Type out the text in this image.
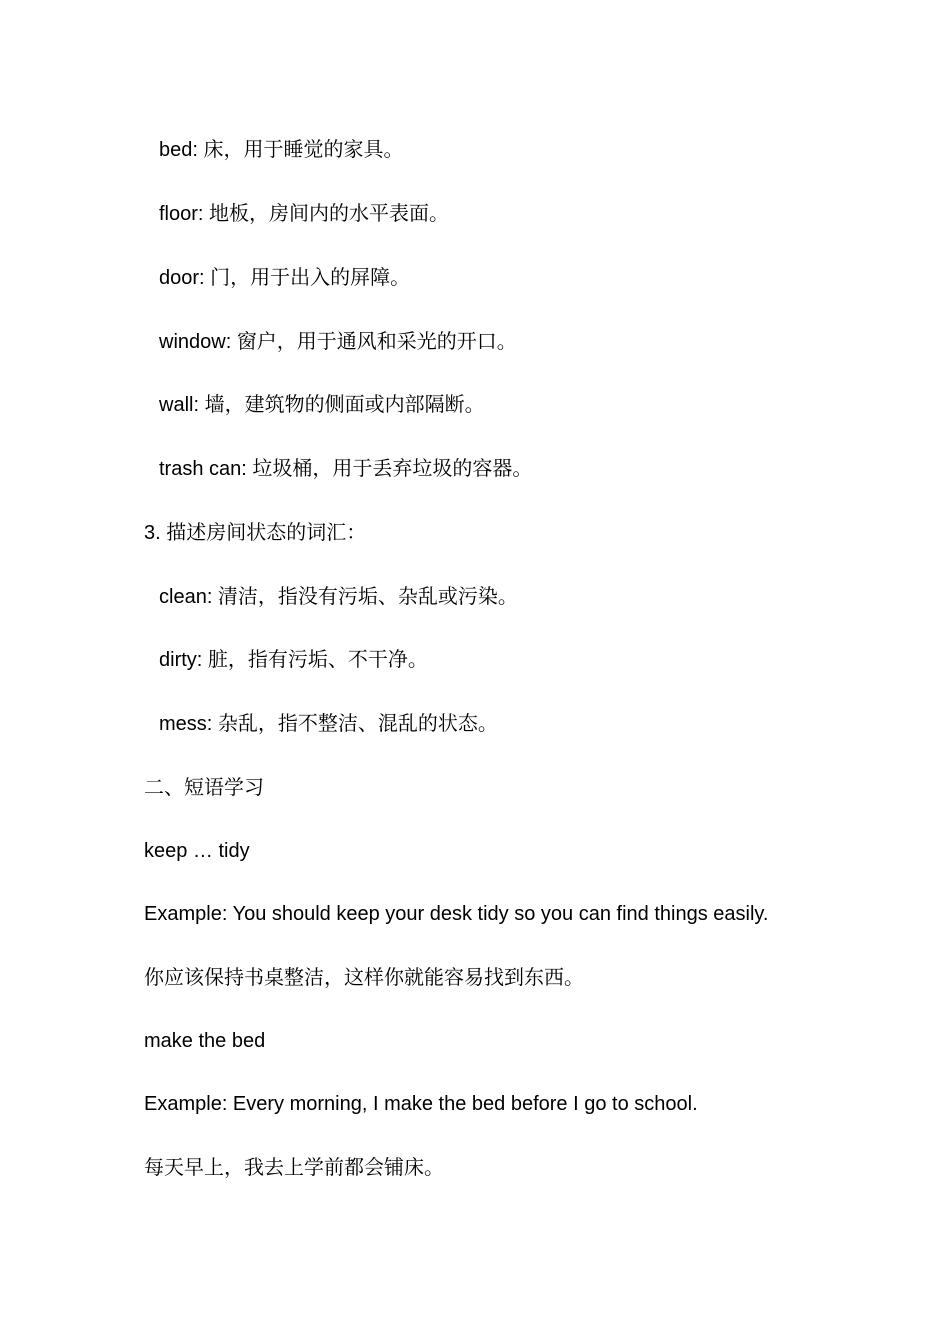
bed: 床，用于睡觉的家具。
floor: 地板，房间内的水平表面。
door: 门，用于出入的屏障。
window: 窗户，用于通风和采光的开口。
wall: 墙，建筑物的侧面或内部隔断。
trash can: 垃圾桶，用于丢弃垃圾的容器。
3. 描述房间状态的词汇：
clean: 清洁，指没有污垢、杂乱或污染。
dirty: 脏，指有污垢、不干净。
mess: 杂乱，指不整洁、混乱的状态。
二、短语学习
keep … tidy
Example: You should keep your desk tidy so you can find things easily.
你应该保持书桌整洁，这样你就能容易找到东西。
make the bed
Example: Every morning, I make the bed before I go to school.
每天早上，我去上学前都会铺床。
